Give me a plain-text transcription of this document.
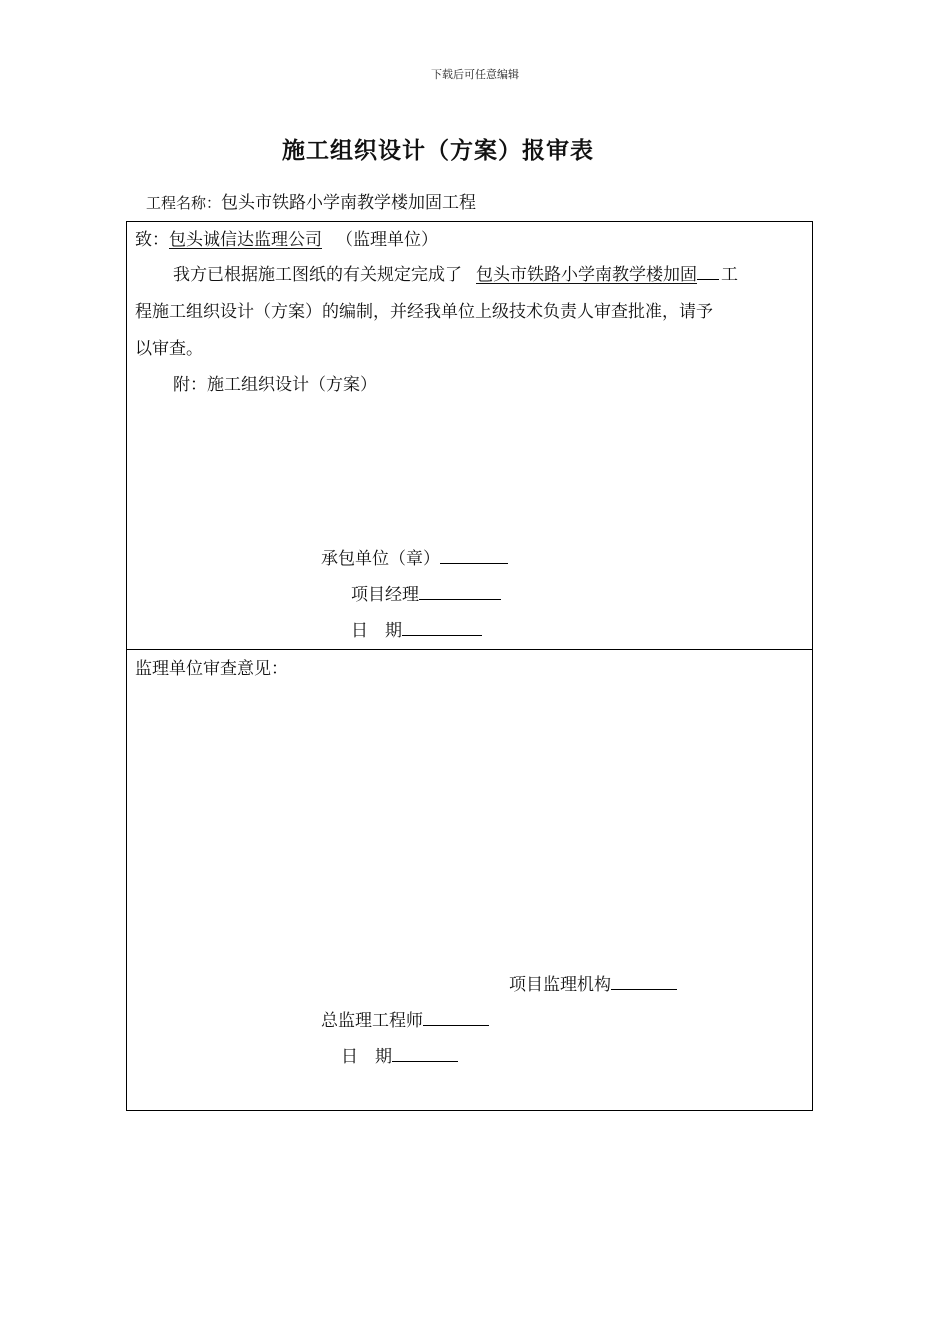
下载后可任意编辑
施工组织设计（方案）报审表
工程名称：包头市铁路小学南教学楼加固工程
致：包头诚信达监理公司 （监理单位）
我方已根据施工图纸的有关规定完成了 包头市铁路小学南教学楼加固 工
程施工组织设计（方案）的编制，并经我单位上级技术负责人审查批准，请予
以审查。
附：施工组织设计（方案）
承包单位（章）
项目经理
日　期
监理单位审查意见：
项目监理机构
总监理工程师
日　期
